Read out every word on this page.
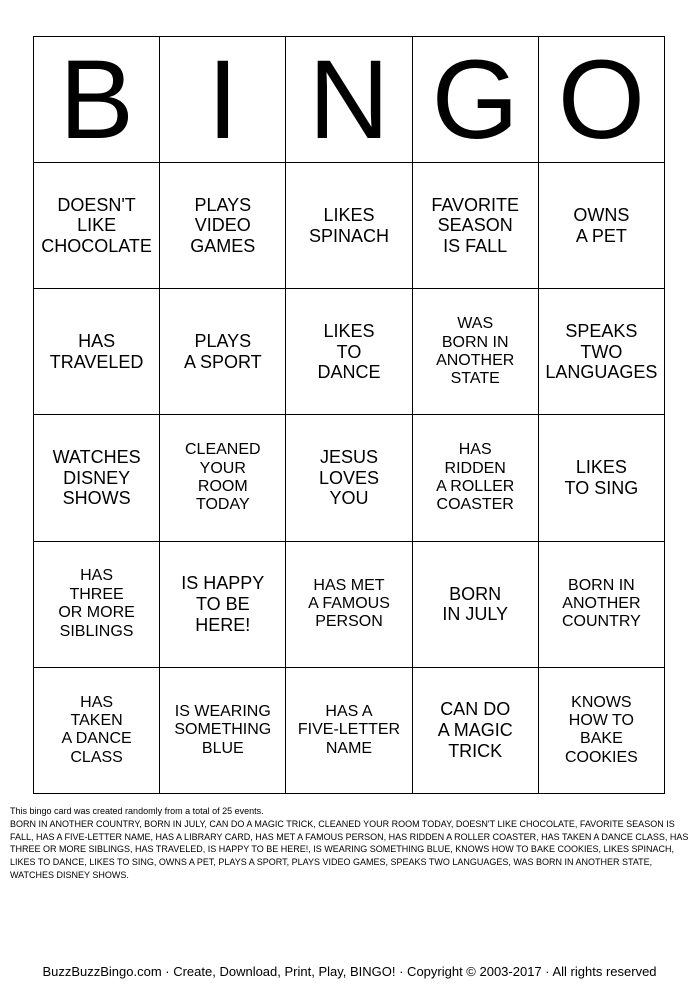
B I N G O
DOESN'T
LIKE
CHOCOLATE
PLAYS
VIDEO
GAMES
LIKES
SPINACH
FAVORITE
SEASON
IS FALL
OWNS
A PET
HAS
TRAVELED
PLAYS
A SPORT
LIKES
TO
DANCE
WAS
BORN IN
ANOTHER
STATE
SPEAKS
TWO
LANGUAGES
WATCHES
DISNEY
SHOWS
CLEANED
YOUR
ROOM
TODAY
JESUS
LOVES
YOU
HAS
RIDDEN
A ROLLER
COASTER
LIKES
TO SING
HAS
THREE
OR MORE
SIBLINGS
IS HAPPY
TO BE
HERE!
HAS MET
A FAMOUS
PERSON
BORN
IN JULY
BORN IN
ANOTHER
COUNTRY
HAS
TAKEN
A DANCE
CLASS
IS WEARING
SOMETHING
BLUE
HAS A
FIVE-LETTER
NAME
CAN DO
A MAGIC
TRICK
KNOWS
HOW TO
BAKE
COOKIES

This bingo card was created randomly from a total of 25 events.

BORN IN ANOTHER COUNTRY, BORN IN JULY, CAN DO A MAGIC TRICK, CLEANED YOUR ROOM TODAY, DOESN'T LIKE CHOCOLATE, FAVORITE SEASON IS FALL, HAS A FIVE-LETTER NAME, HAS A LIBRARY CARD, HAS MET A FAMOUS PERSON, HAS RIDDEN A ROLLER COASTER, HAS TAKEN A DANCE CLASS, HAS THREE OR MORE SIBLINGS, HAS TRAVELED, IS HAPPY TO BE HERE!, IS WEARING SOMETHING BLUE, KNOWS HOW TO BAKE COOKIES, LIKES SPINACH, LIKES TO DANCE, LIKES TO SING, OWNS A PET, PLAYS A SPORT, PLAYS VIDEO GAMES, SPEAKS TWO LANGUAGES, WAS BORN IN ANOTHER STATE, WATCHES DISNEY SHOWS.

BuzzBuzzBingo.com · Create, Download, Print, Play, BINGO! · Copyright © 2003-2017 · All rights reserved
